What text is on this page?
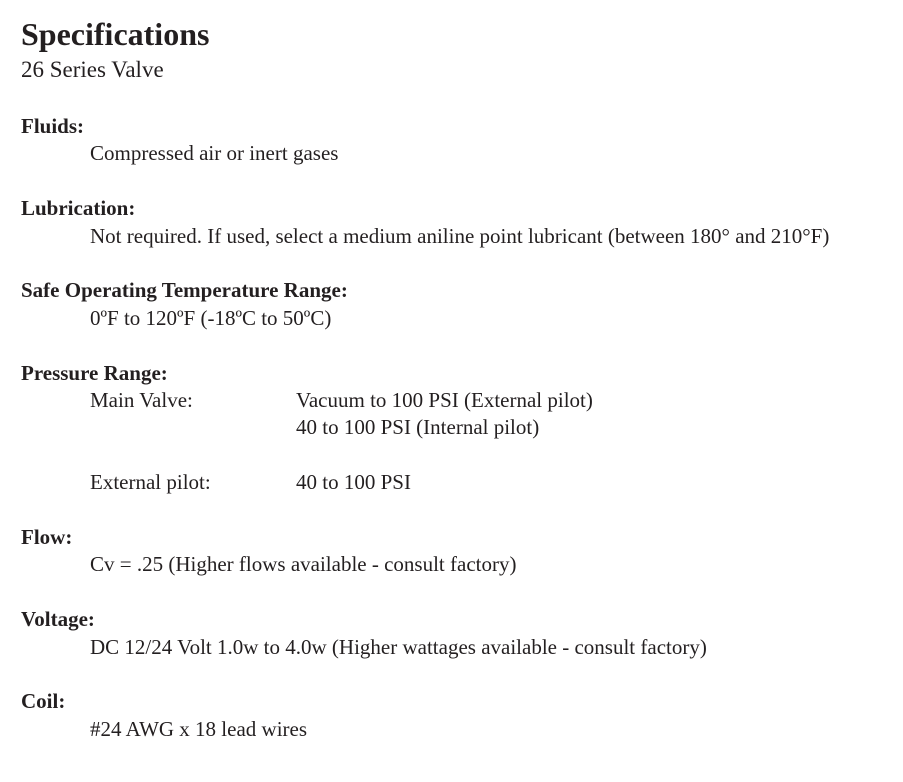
Specifications
26 Series Valve
Fluids:
Compressed air or inert gases
Lubrication:
Not required. If used, select a medium aniline point lubricant (between 180° and 210°F)
Safe Operating Temperature Range:
0ºF to 120ºF (-18ºC to 50ºC)
Pressure Range:
Main Valve:	Vacuum to 100 PSI (External pilot)
40 to 100 PSI (Internal pilot)
External pilot:	40 to 100 PSI
Flow:
Cv = .25 (Higher flows available - consult factory)
Voltage:
DC 12/24 Volt 1.0w to 4.0w (Higher wattages available - consult factory)
Coil:
#24 AWG x 18 lead wires
